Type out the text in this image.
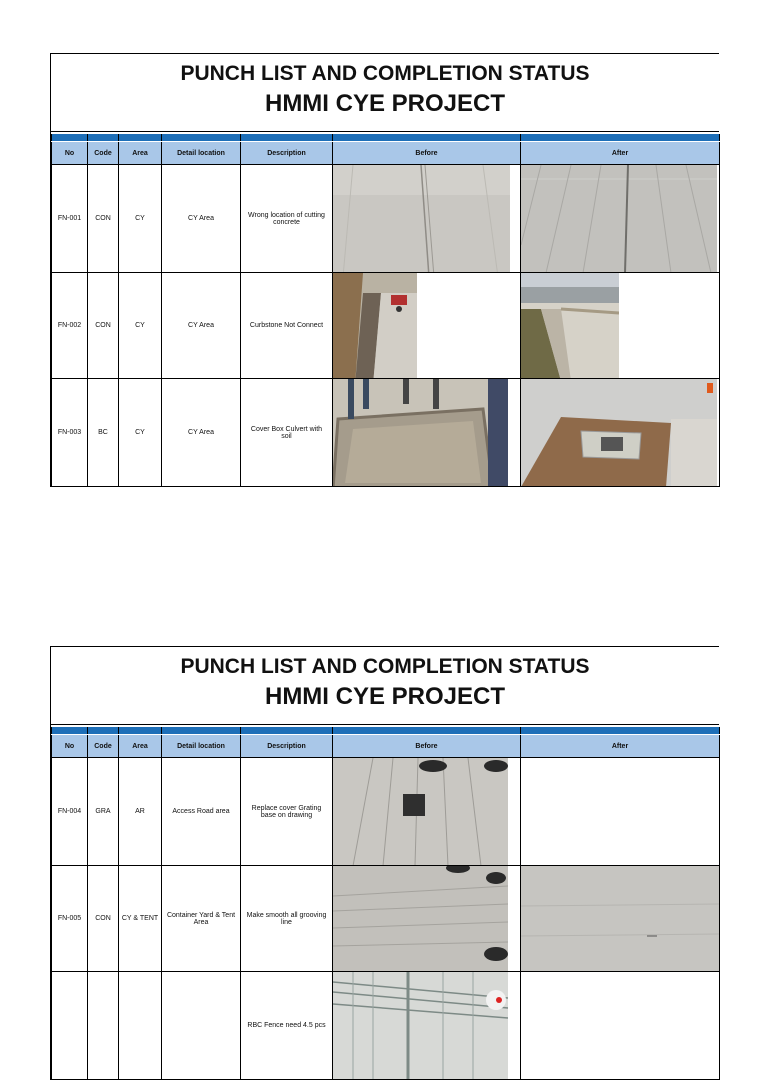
PUNCH LIST AND COMPLETION STATUS
HMMI CYE PROJECT

No	Code	Area	Detail location	Description	Before	After
FN-001	CON	CY	CY Area	Wrong location of cutting concrete	

FN-002	CON	CY	CY Area	Curbstone Not Connect	

FN-003	BC	CY	CY Area	Cover Box Culvert with soil	

PUNCH LIST AND COMPLETION STATUS
HMMI CYE PROJECT

No	Code	Area	Detail location	Description	Before	After
FN-004	GRA	AR	Access Road area	Replace cover Grating base on drawing	

FN-005	CON	CY & TENT	Container Yard & Tent Area	Make smooth all grooving line	

				RBC Fence need 4.5 pcs	
